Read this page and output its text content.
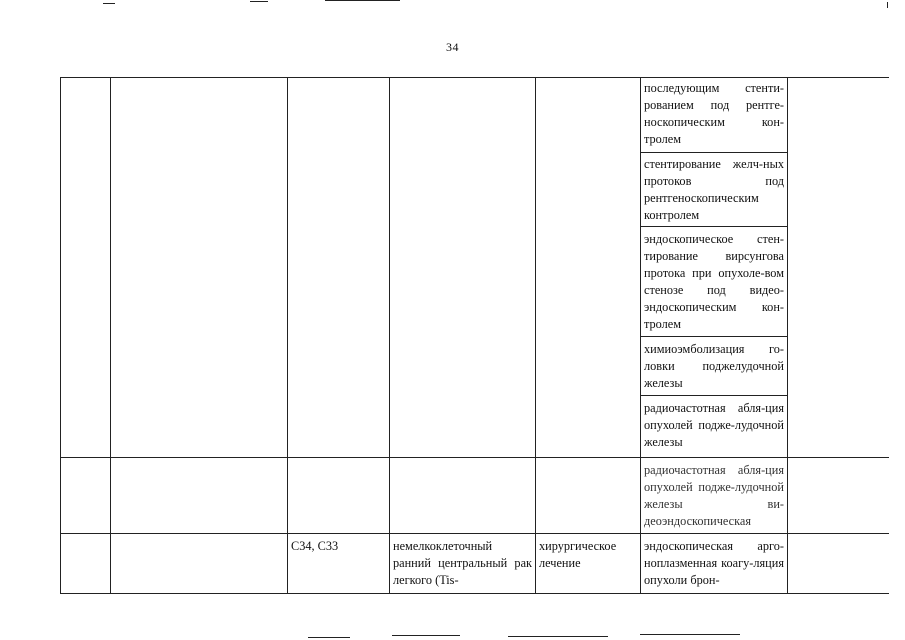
34
последующим стенти-рованием под рентге-носкопическим кон-тролем
стентирование желч-ных протоков под рентгеноскопическим контролем
эндоскопическое стен-тирование вирсунгова протока при опухоле-вом стенозе под видео-эндоскопическим кон-тролем
химиоэмболизация го-ловки поджелудочной железы
радиочастотная абля-ция опухолей подже-лудочной железы
радиочастотная абля-ция опухолей подже-лудочной железы ви-деоэндоскопическая
С34, С33	немелкоклеточный ранний центральный рак легкого (Tis-
хирургическое лечение
эндоскопическая арго-ноплазменная коагу-ляция опухоли брон-
